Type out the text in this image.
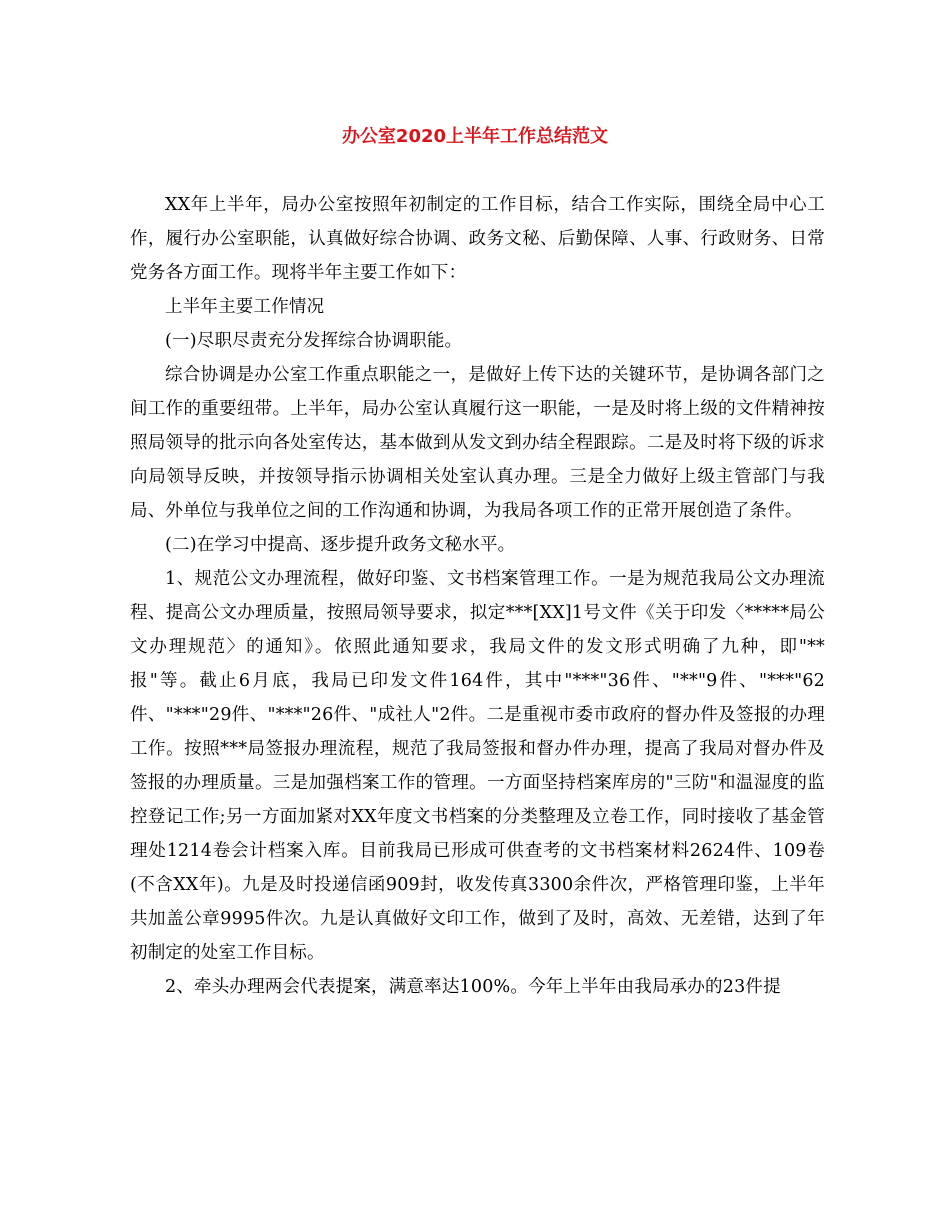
办公室2020上半年工作总结范文

XX年上半年，局办公室按照年初制定的工作目标，结合工作实际，围绕全局中心工作，履行办公室职能，认真做好综合协调、政务文秘、后勤保障、人事、行政财务、日常党务各方面工作。现将半年主要工作如下：

上半年主要工作情况

(一)尽职尽责充分发挥综合协调职能。

综合协调是办公室工作重点职能之一，是做好上传下达的关键环节，是协调各部门之间工作的重要纽带。上半年，局办公室认真履行这一职能，一是及时将上级的文件精神按照局领导的批示向各处室传达，基本做到从发文到办结全程跟踪。二是及时将下级的诉求向局领导反映，并按领导指示协调相关处室认真办理。三是全力做好上级主管部门与我局、外单位与我单位之间的工作沟通和协调，为我局各项工作的正常开展创造了条件。

(二)在学习中提高、逐步提升政务文秘水平。

1、规范公文办理流程，做好印鉴、文书档案管理工作。一是为规范我局公文办理流程、提高公文办理质量，按照局领导要求，拟定***[XX]1号文件《关于印发〈*****局公文办理规范〉的通知》。依照此通知要求，我局文件的发文形式明确了九种，即"**报"等。截止6月底，我局已印发文件164件，其中"***"36件、"**"9件、"***"62件、"***"29件、"***"26件、"成社人"2件。二是重视市委市政府的督办件及签报的办理工作。按照***局签报办理流程，规范了我局签报和督办件办理，提高了我局对督办件及签报的办理质量。三是加强档案工作的管理。一方面坚持档案库房的"三防"和温湿度的监控登记工作;另一方面加紧对XX年度文书档案的分类整理及立卷工作，同时接收了基金管理处1214卷会计档案入库。目前我局已形成可供查考的文书档案材料2624件、109卷(不含XX年)。九是及时投递信函909封，收发传真3300余件次，严格管理印鉴，上半年共加盖公章9995件次。九是认真做好文印工作，做到了及时，高效、无差错，达到了年初制定的处室工作目标。

2、牵头办理两会代表提案，满意率达100%。今年上半年由我局承办的23件提
